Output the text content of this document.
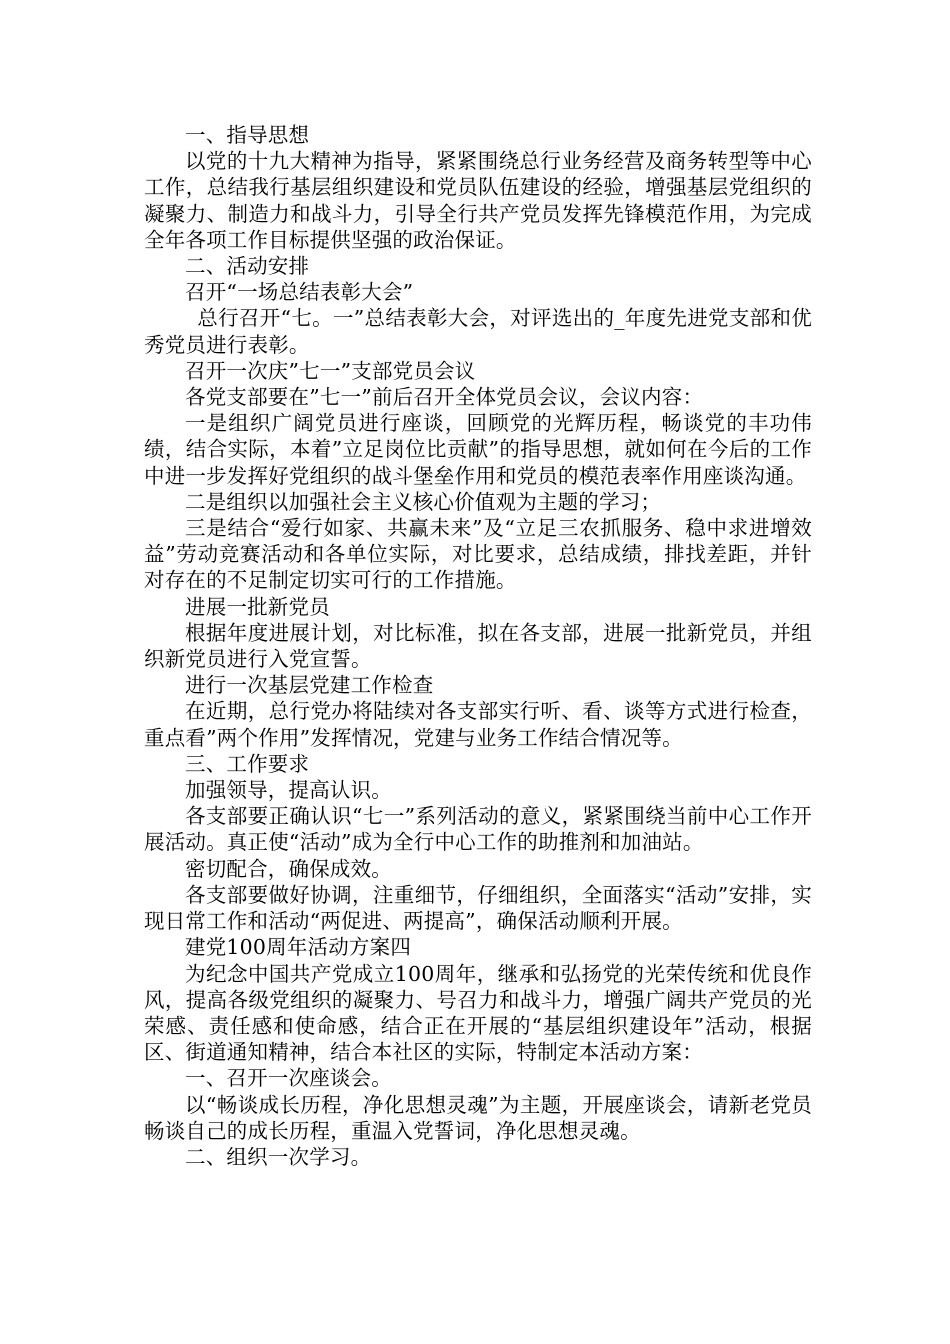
一、指导思想

以党的十九大精神为指导，紧紧围绕总行业务经营及商务转型等中心工作，总结我行基层组织建设和党员队伍建设的经验，增强基层党组织的凝聚力、制造力和战斗力，引导全行共产党员发挥先锋模范作用，为完成全年各项工作目标提供坚强的政治保证。

二、活动安排

召开“一场总结表彰大会”

总行召开“七。一”总结表彰大会，对评选出的_年度先进党支部和优秀党员进行表彰。

召开一次庆”七一”支部党员会议

各党支部要在”七一”前后召开全体党员会议，会议内容：

一是组织广阔党员进行座谈，回顾党的光辉历程，畅谈党的丰功伟绩，结合实际，本着”立足岗位比贡献”的指导思想，就如何在今后的工作中进一步发挥好党组织的战斗堡垒作用和党员的模范表率作用座谈沟通。

二是组织以加强社会主义核心价值观为主题的学习；

三是结合“爱行如家、共赢未来”及“立足三农抓服务、稳中求进增效益”劳动竞赛活动和各单位实际，对比要求，总结成绩，排找差距，并针对存在的不足制定切实可行的工作措施。

进展一批新党员

根据年度进展计划，对比标准，拟在各支部，进展一批新党员，并组织新党员进行入党宣誓。

进行一次基层党建工作检查

在近期，总行党办将陆续对各支部实行听、看、谈等方式进行检查，重点看”两个作用”发挥情况，党建与业务工作结合情况等。

三、工作要求

加强领导，提高认识。

各支部要正确认识“七一”系列活动的意义，紧紧围绕当前中心工作开展活动。真正使“活动”成为全行中心工作的助推剂和加油站。

密切配合，确保成效。

各支部要做好协调，注重细节，仔细组织，全面落实“活动”安排，实现日常工作和活动“两促进、两提高”，确保活动顺利开展。

建党100周年活动方案四

为纪念中国共产党成立100周年，继承和弘扬党的光荣传统和优良作风，提高各级党组织的凝聚力、号召力和战斗力，增强广阔共产党员的光荣感、责任感和使命感，结合正在开展的“基层组织建设年”活动，根据区、街道通知精神，结合本社区的实际，特制定本活动方案：

一、召开一次座谈会。

以“畅谈成长历程，净化思想灵魂”为主题，开展座谈会，请新老党员畅谈自己的成长历程，重温入党誓词，净化思想灵魂。

二、组织一次学习。
